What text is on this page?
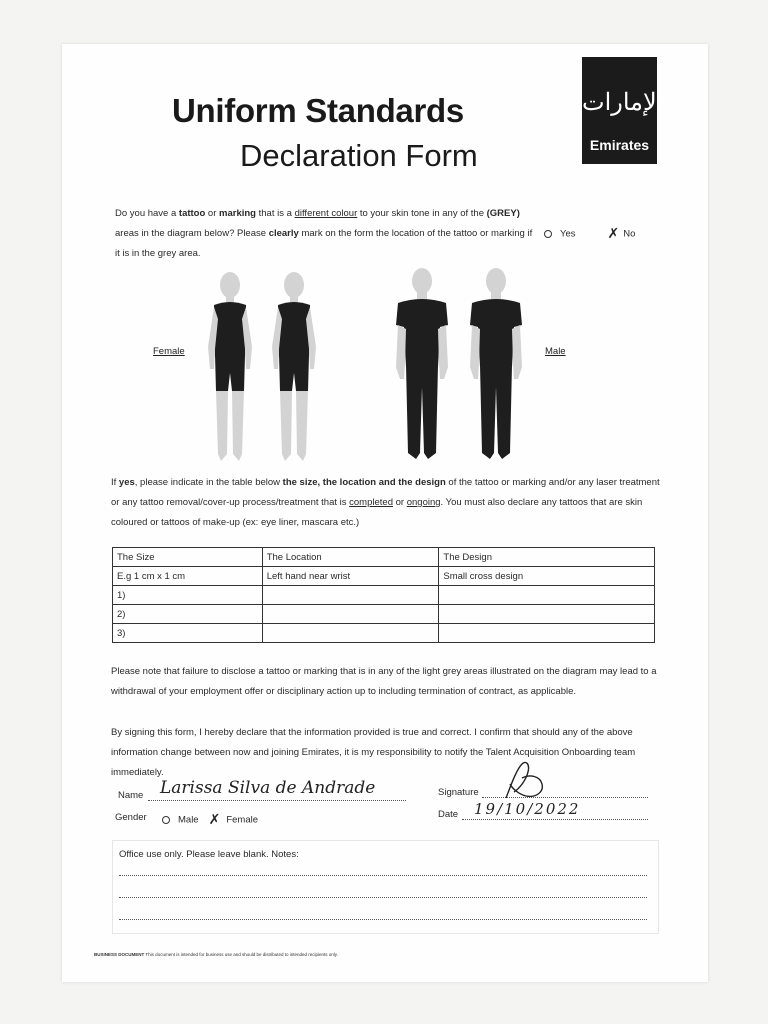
Uniform Standards
Declaration Form
الإمارات
Emirates
Do you have a tattoo or marking that is a different colour to your skin tone in any of the (GREY) areas in the diagram below? Please clearly mark on the form the location of the tattoo or marking if it is in the grey area.
Yes ✗ No
Female	Male
If yes, please indicate in the table below the size, the location and the design of the tattoo or marking and/or any laser treatment or any tattoo removal/cover-up process/treatment that is completed or ongoing. You must also declare any tattoos that are skin coloured or tattoos of make-up (ex: eye liner, mascara etc.)
The Size	The Location	The Design
E.g 1 cm x 1 cm	Left hand near wrist	Small cross design
1)		
2)		
3)		
Please note that failure to disclose a tattoo or marking that is in any of the light grey areas illustrated on the diagram may lead to a withdrawal of your employment offer or disciplinary action up to including termination of contract, as applicable.
By signing this form, I hereby declare that the information provided is true and correct. I confirm that should any of the above information change between now and joining Emirates, it is my responsibility to notify the Talent Acquisition Onboarding team immediately.
Name Larissa Silva de Andrade	Signature
Gender	Male ✗ Female
Date 19/10/2022
Office use only. Please leave blank. Notes:
BUSINESS DOCUMENT This document is intended for business use and should be distributed to intended recipients only.
